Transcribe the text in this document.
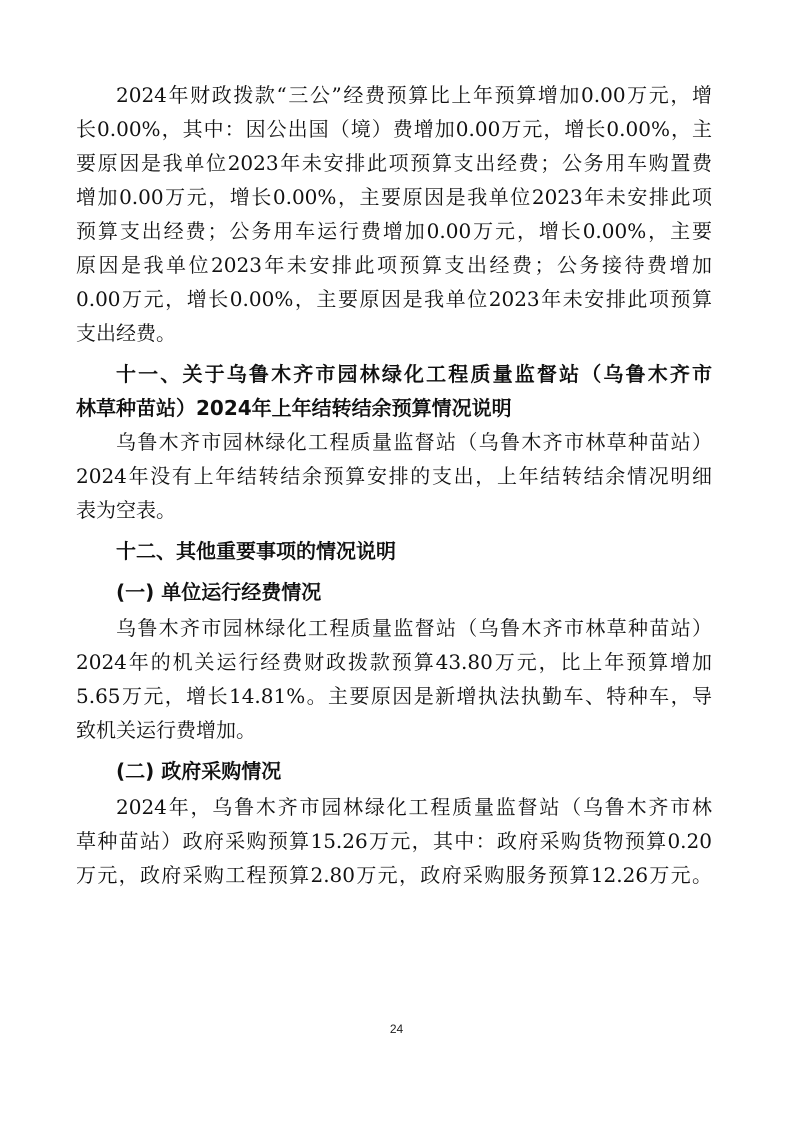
2024年财政拨款“三公”经费预算比上年预算增加0.00万元，增
长0.00%，其中：因公出国（境）费增加0.00万元，增长0.00%，主
要原因是我单位2023年未安排此项预算支出经费；公务用车购置费
增加0.00万元，增长0.00%，主要原因是我单位2023年未安排此项
预算支出经费；公务用车运行费增加0.00万元，增长0.00%，主要
原因是我单位2023年未安排此项预算支出经费；公务接待费增加
0.00万元，增长0.00%，主要原因是我单位2023年未安排此项预算
支出经费。
十一、关于乌鲁木齐市园林绿化工程质量监督站（乌鲁木齐市
林草种苗站）2024年上年结转结余预算情况说明
乌鲁木齐市园林绿化工程质量监督站（乌鲁木齐市林草种苗站）
2024年没有上年结转结余预算安排的支出，上年结转结余情况明细
表为空表。
十二、其他重要事项的情况说明
(一) 单位运行经费情况
乌鲁木齐市园林绿化工程质量监督站（乌鲁木齐市林草种苗站）
2024年的机关运行经费财政拨款预算43.80万元，比上年预算增加
5.65万元，增长14.81%。主要原因是新增执法执勤车、特种车，导
致机关运行费增加。
(二) 政府采购情况
2024年，乌鲁木齐市园林绿化工程质量监督站（乌鲁木齐市林
草种苗站）政府采购预算15.26万元，其中：政府采购货物预算0.20
万元，政府采购工程预算2.80万元，政府采购服务预算12.26万元。
24
